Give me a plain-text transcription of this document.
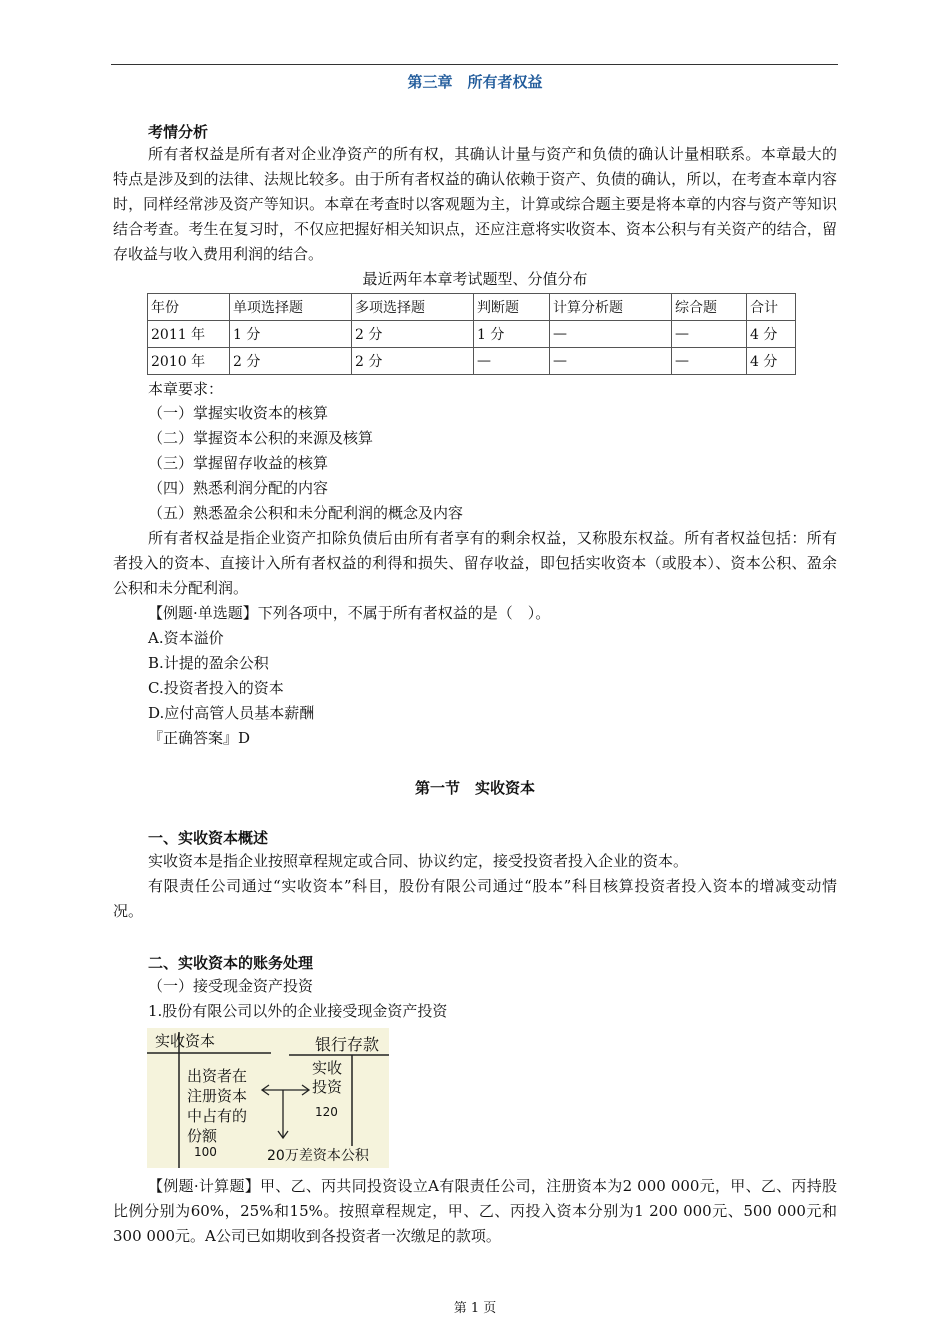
第三章　所有者权益
考情分析
所有者权益是所有者对企业净资产的所有权，其确认计量与资产和负债的确认计量相联系。本章最大的特点是涉及到的法律、法规比较多。由于所有者权益的确认依赖于资产、负债的确认，所以，在考查本章内容时，同样经常涉及资产等知识。本章在考查时以客观题为主，计算或综合题主要是将本章的内容与资产等知识结合考查。考生在复习时，不仅应把握好相关知识点，还应注意将实收资本、资本公积与有关资产的结合，留存收益与收入费用利润的结合。
最近两年本章考试题型、分值分布
年份	单项选择题	多项选择题	判断题	计算分析题	综合题	合计
2011 年	1 分	2 分	1 分	—	—	4 分
2010 年	2 分	2 分	—	—	—	4 分
本章要求：
（一）掌握实收资本的核算
（二）掌握资本公积的来源及核算
（三）掌握留存收益的核算
（四）熟悉利润分配的内容
（五）熟悉盈余公积和未分配利润的概念及内容
所有者权益是指企业资产扣除负债后由所有者享有的剩余权益，又称股东权益。所有者权益包括：所有者投入的资本、直接计入所有者权益的利得和损失、留存收益，即包括实收资本（或股本）、资本公积、盈余公积和未分配利润。
【例题·单选题】下列各项中，不属于所有者权益的是（　）。
A.资本溢价
B.计提的盈余公积
C.投资者投入的资本
D.应付高管人员基本薪酬
『正确答案』D
第一节　实收资本
一、实收资本概述
实收资本是指企业按照章程规定或合同、协议约定，接受投资者投入企业的资本。
有限责任公司通过“实收资本”科目，股份有限公司通过“股本”科目核算投资者投入资本的增减变动情况。
二、实收资本的账务处理
（一）接受现金资产投资
1.股份有限公司以外的企业接受现金资产投资
实收资本	银行存款
出资者在
注册资本
中占有的
份额
100
实收
投资
120
20万差资本公积
【例题·计算题】甲、乙、丙共同投资设立A有限责任公司，注册资本为2 000 000元，甲、乙、丙持股比例分别为60%，25%和15%。按照章程规定，甲、乙、丙投入资本分别为1 200 000元、500 000元和300 000元。A公司已如期收到各投资者一次缴足的款项。
第 1 页
